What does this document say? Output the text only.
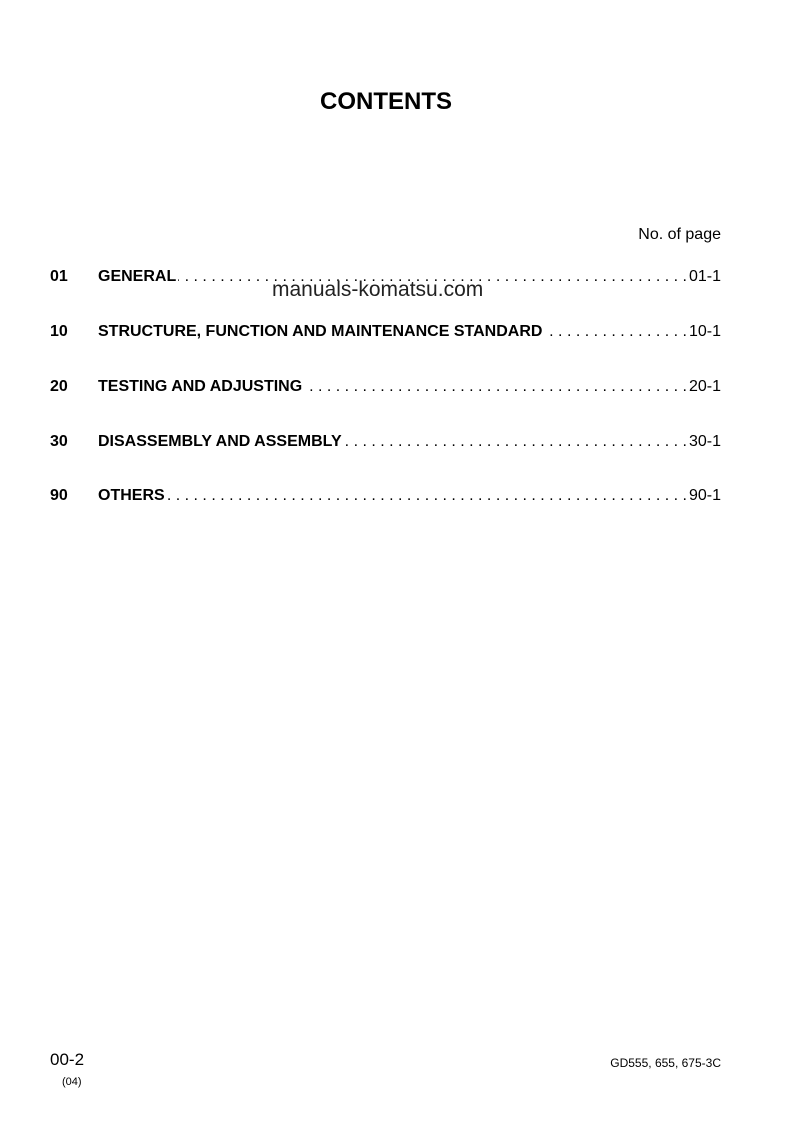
CONTENTS
No. of page
01	GENERAL . . .	01-1
10	STRUCTURE, FUNCTION AND MAINTENANCE STANDARD . . .	10-1
20	TESTING AND ADJUSTING . . .	20-1
30	DISASSEMBLY AND ASSEMBLY . . .	30-1
90	OTHERS . . .	90-1
manuals-komatsu.com
00-2
(04)
GD555, 655, 675-3C
